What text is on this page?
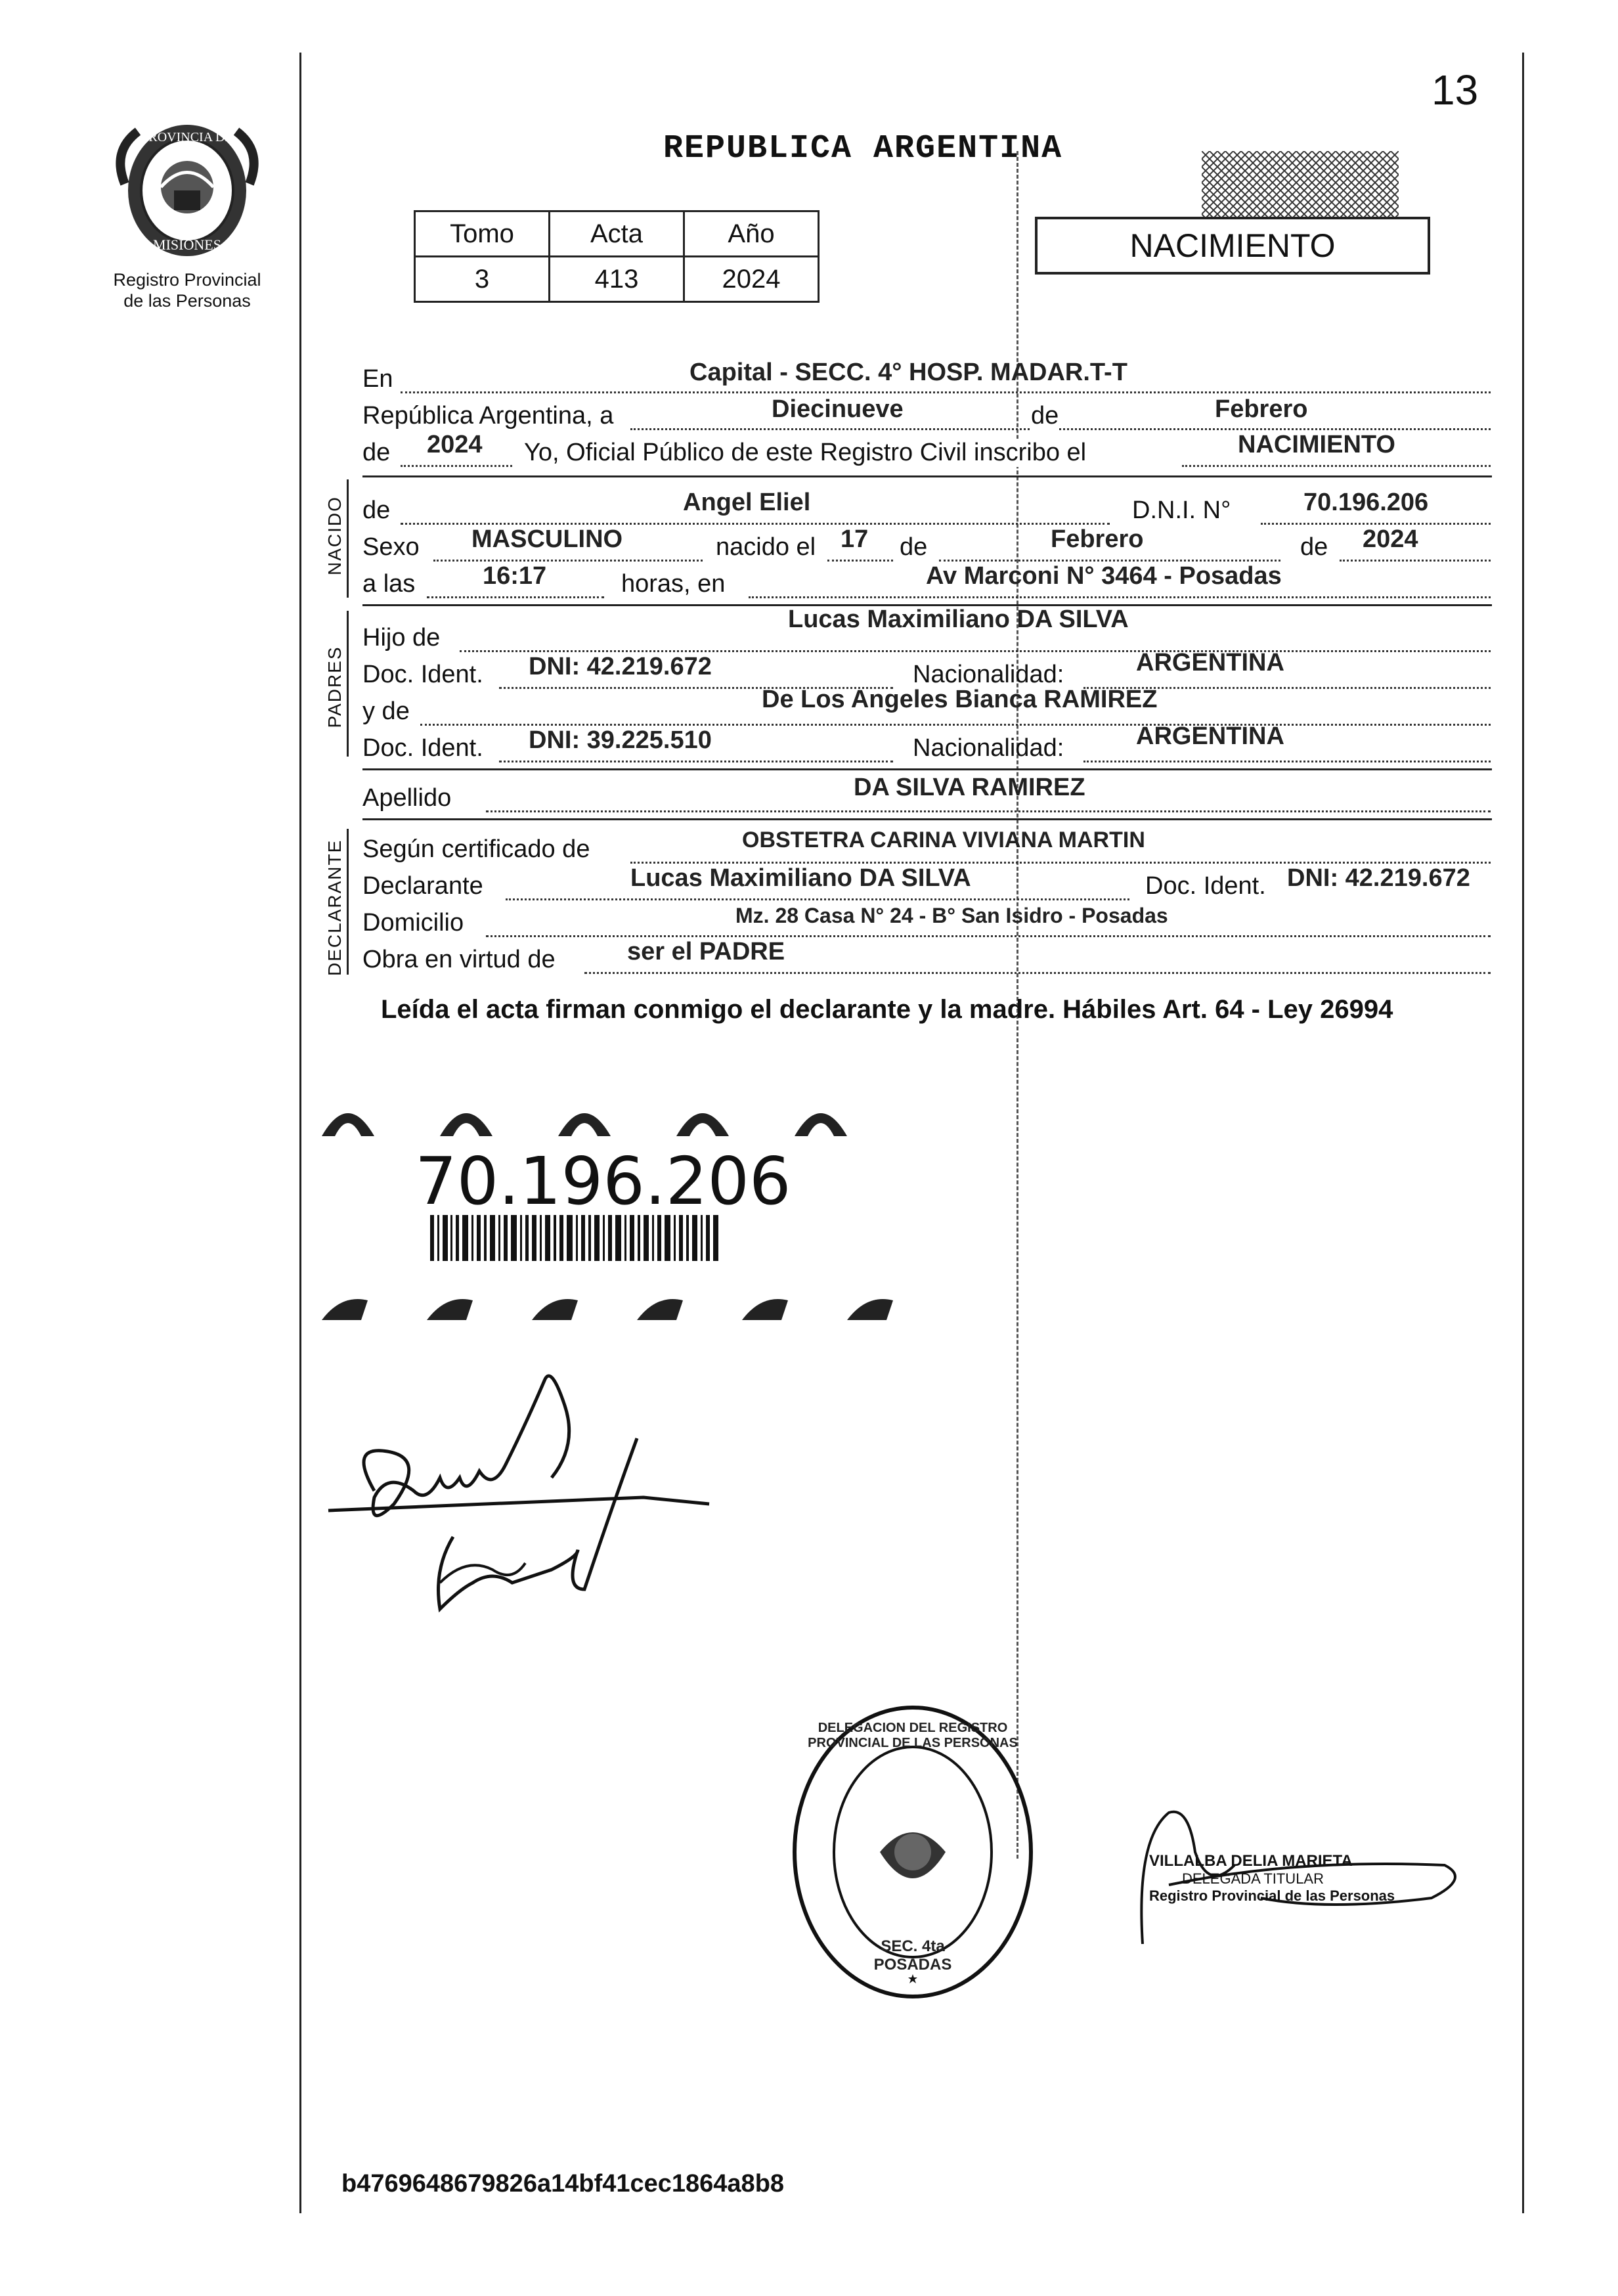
PROVINCIA DE
MISIONES
Registro Provincial
de las Personas
13
REPUBLICA ARGENTINA
Tomo	Acta	Año
3	413	2024
NACIMIENTO
En	Capital - SECC. 4° HOSP. MADAR.T-T
República Argentina, a	Diecinueve	de	Febrero
de 2024 Yo, Oficial Público de este Registro Civil inscribo el	NACIMIENTO
NACIDO de	Angel Eliel	D.N.I. N°	70.196.206
Sexo MASCULINO	nacido el 17 de	Febrero	de 2024
a las	16:17	horas, en	Av Marconi N° 3464 - Posadas
PADRES
Hijo de
Lucas Maximiliano DA SILVA
Doc. Ident. DNI: 42.219.672	Nacionalidad:	ARGENTINA
y de	De Los Angeles Bianca RAMIREZ
Doc. Ident. DNI: 39.225.510	Nacionalidad:	ARGENTINA
Apellido	DA SILVA RAMIREZ
DECLARANTE Según certificado de	OBSTETRA CARINA VIVIANA MARTIN
Declarante	Lucas Maximiliano DA SILVA	Doc. Ident. DNI: 42.219.672
Domicilio	Mz. 28 Casa N° 24 - B° San Isidro - Posadas
Obra en virtud de	ser el PADRE
Leída el acta firman conmigo el declarante y la madre. Hábiles Art. 64 - Ley 26994
70.196.206
DELEGACION DEL REGISTRO PROVINCIAL DE LAS PERSONAS
SEC. 4ta POSADAS
VILLALBA DELIA MARIETA
DELEGADA TITULAR
Registro Provincial de las Personas
b4769648679826a14bf41cec1864a8b8
